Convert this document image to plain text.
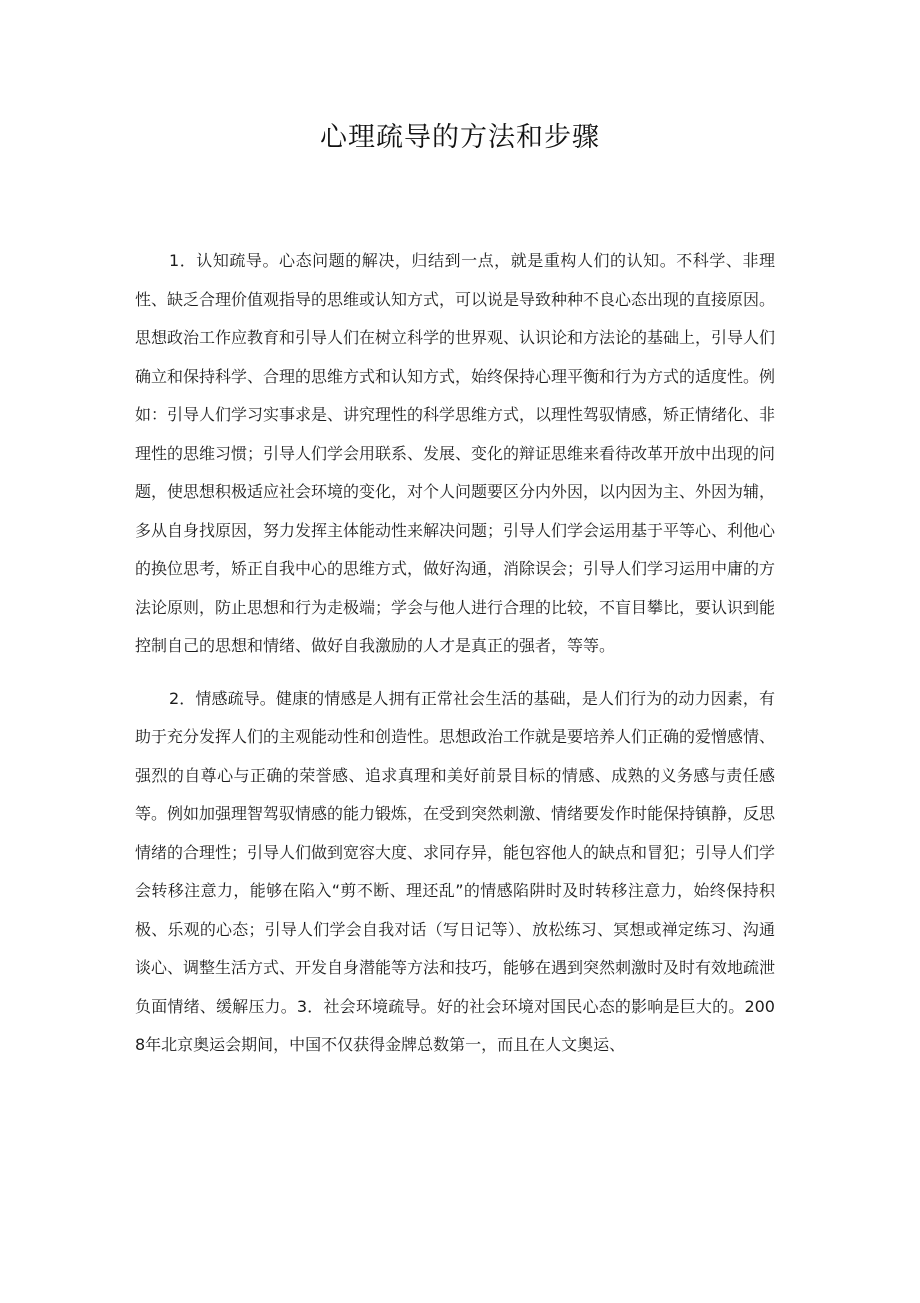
心理疏导的方法和步骤

1．认知疏导。心态问题的解决，归结到一点，就是重构人们的认知。不科学、非理性、缺乏合理价值观指导的思维或认知方式，可以说是导致种种不良心态出现的直接原因。思想政治工作应教育和引导人们在树立科学的世界观、认识论和方法论的基础上，引导人们确立和保持科学、合理的思维方式和认知方式，始终保持心理平衡和行为方式的适度性。例如：引导人们学习实事求是、讲究理性的科学思维方式，以理性驾驭情感，矫正情绪化、非理性的思维习惯；引导人们学会用联系、发展、变化的辩证思维来看待改革开放中出现的问题，使思想积极适应社会环境的变化，对个人问题要区分内外因，以内因为主、外因为辅，多从自身找原因，努力发挥主体能动性来解决问题；引导人们学会运用基于平等心、利他心的换位思考，矫正自我中心的思维方式，做好沟通，消除误会；引导人们学习运用中庸的方法论原则，防止思想和行为走极端；学会与他人进行合理的比较，不盲目攀比，要认识到能控制自己的思想和情绪、做好自我激励的人才是真正的强者，等等。

2．情感疏导。健康的情感是人拥有正常社会生活的基础，是人们行为的动力因素，有助于充分发挥人们的主观能动性和创造性。思想政治工作就是要培养人们正确的爱憎感情、强烈的自尊心与正确的荣誉感、追求真理和美好前景目标的情感、成熟的义务感与责任感等。例如加强理智驾驭情感的能力锻炼，在受到突然刺激、情绪要发作时能保持镇静，反思情绪的合理性；引导人们做到宽容大度、求同存异，能包容他人的缺点和冒犯；引导人们学会转移注意力，能够在陷入“剪不断、理还乱”的情感陷阱时及时转移注意力，始终保持积极、乐观的心态；引导人们学会自我对话（写日记等）、放松练习、冥想或禅定练习、沟通谈心、调整生活方式、开发自身潜能等方法和技巧，能够在遇到突然刺激时及时有效地疏泄负面情绪、缓解压力。3．社会环境疏导。好的社会环境对国民心态的影响是巨大的。2008年北京奥运会期间，中国不仅获得金牌总数第一，而且在人文奥运、
